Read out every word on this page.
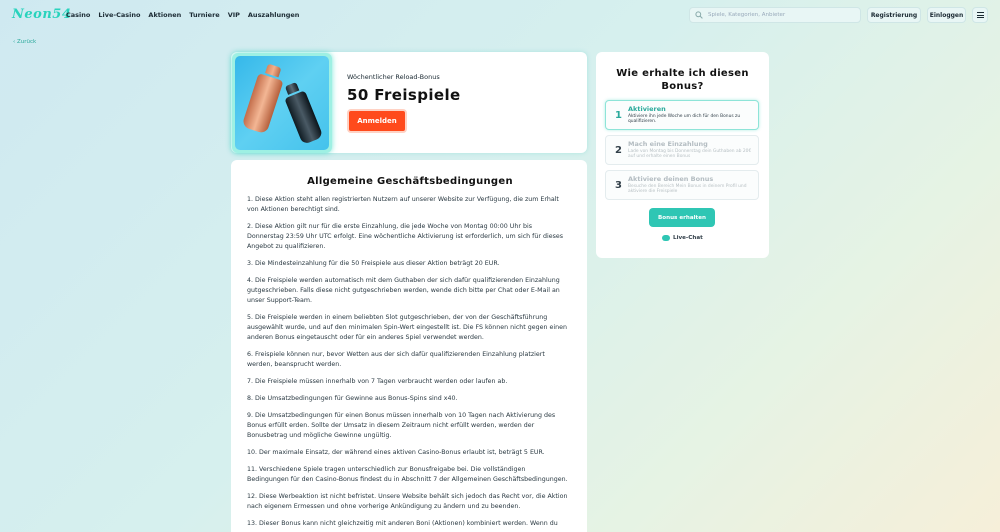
Neon54
Casino Live-Casino Aktionen Turniere VIP Auszahlungen
Spiele, Kategorien, Anbieter	Registrierung	Einloggen
‹ Zurück
Wöchentlicher Reload-Bonus
50 Freispiele
Anmelden
Allgemeine Geschäftsbedingungen
1. Diese Aktion steht allen registrierten Nutzern auf unserer Website zur Verfügung, die zum Erhalt von Aktionen berechtigt sind.
2. Diese Aktion gilt nur für die erste Einzahlung, die jede Woche von Montag 00:00 Uhr bis Donnerstag 23:59 Uhr UTC erfolgt. Eine wöchentliche Aktivierung ist erforderlich, um sich für dieses Angebot zu qualifizieren.
3. Die Mindesteinzahlung für die 50 Freispiele aus dieser Aktion beträgt 20 EUR.
4. Die Freispiele werden automatisch mit dem Guthaben der sich dafür qualifizierenden Einzahlung gutgeschrieben. Falls diese nicht gutgeschrieben werden, wende dich bitte per Chat oder E-Mail an unser Support-Team.
5. Die Freispiele werden in einem beliebten Slot gutgeschrieben, der von der Geschäftsführung ausgewählt wurde, und auf den minimalen Spin-Wert eingestellt ist. Die FS können nicht gegen einen anderen Bonus eingetauscht oder für ein anderes Spiel verwendet werden.
6. Freispiele können nur, bevor Wetten aus der sich dafür qualifizierenden Einzahlung platziert werden, beansprucht werden.
7. Die Freispiele müssen innerhalb von 7 Tagen verbraucht werden oder laufen ab.
8. Die Umsatzbedingungen für Gewinne aus Bonus-Spins sind x40.
9. Die Umsatzbedingungen für einen Bonus müssen innerhalb von 10 Tagen nach Aktivierung des Bonus erfüllt erden. Sollte der Umsatz in diesem Zeitraum nicht erfüllt werden, werden der Bonusbetrag und mögliche Gewinne ungültig.
10. Der maximale Einsatz, der während eines aktiven Casino-Bonus erlaubt ist, beträgt 5 EUR.
11. Verschiedene Spiele tragen unterschiedlich zur Bonusfreigabe bei. Die vollständigen Bedingungen für den Casino-Bonus findest du in Abschnitt 7 der Allgemeinen Geschäftsbedingungen.
12. Diese Werbeaktion ist nicht befristet. Unsere Website behält sich jedoch das Recht vor, die Aktion nach eigenem Ermessen und ohne vorherige Ankündigung zu ändern und zu beenden.
13. Dieser Bonus kann nicht gleichzeitig mit anderen Boni (Aktionen) kombiniert werden. Wenn du
Wie erhalte ich diesen Bonus?
1
Aktivieren
Aktiviere ihn jede Woche um dich für den Bonus zu qualifizieren.
2
Mach eine Einzahlung
Lade von Montag bis Donnerstag dein Guthaben ab 20€ auf und erhalte einen Bonus
3
Aktiviere deinen Bonus
Besuche den Bereich Mein Bonus in deinem Profil und aktiviere die Freispiele
Bonus erhalten
Live-Chat
